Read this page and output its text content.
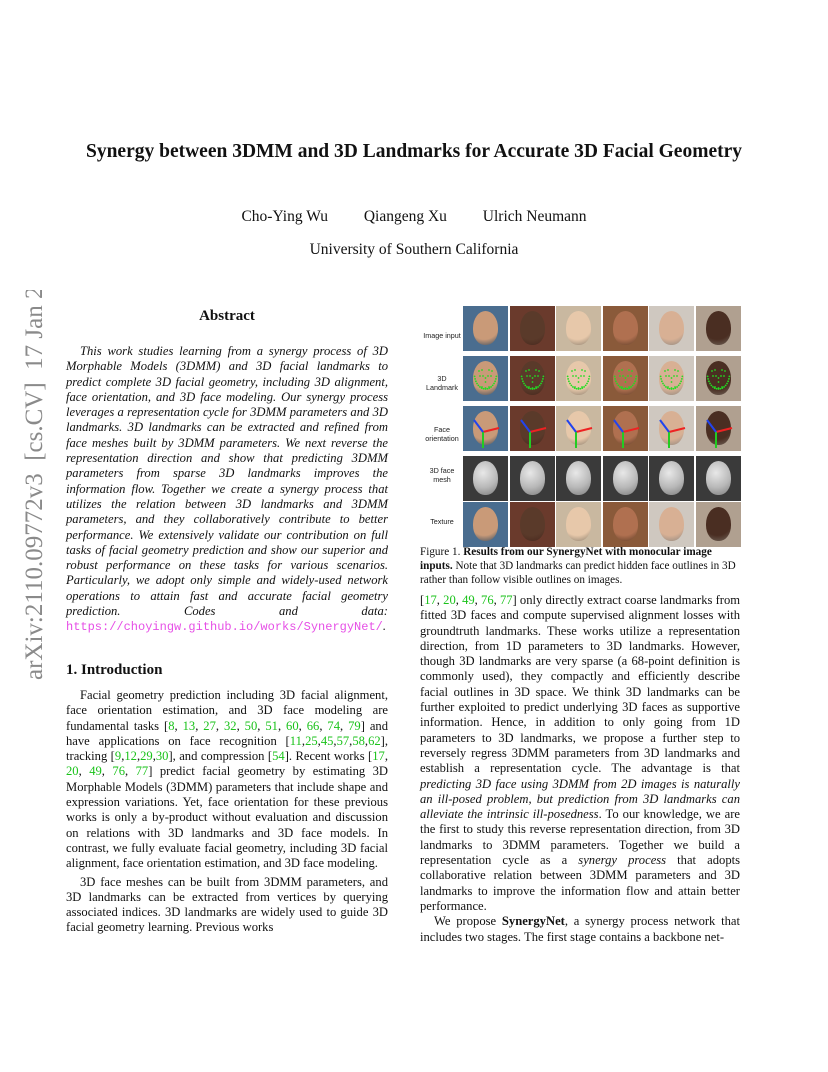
Synergy between 3DMM and 3D Landmarks for Accurate 3D Facial Geometry
Cho-Ying Wu Qiangeng Xu Ulrich Neumann
University of Southern California
arXiv:2110.09772v3  [cs.CV]  17 Jan 2024	Abstract

This work studies learning from a synergy process of 3D Morphable Models (3DMM) and 3D facial landmarks to predict complete 3D facial geometry, including 3D alignment, face orientation, and 3D face modeling. Our synergy process leverages a representation cycle for 3DMM parameters and 3D landmarks. 3D landmarks can be extracted and refined from face meshes built by 3DMM parameters. We next reverse the representation direction and show that predicting 3DMM parameters from sparse 3D landmarks improves the information flow. Together we create a synergy process that utilizes the relation between 3D landmarks and 3DMM parameters, and they collaboratively contribute to better performance. We extensively validate our contribution on full tasks of facial geometry prediction and show our superior and robust performance on these tasks for various scenarios. Particularly, we adopt only simple and widely-used network operations to attain fast and accurate facial geometry prediction. Codes and data: https://choyingw.github.io/works/SynergyNet/.

1. Introduction

Facial geometry prediction including 3D facial alignment, face orientation estimation, and 3D face modeling are fundamental tasks [8, 13, 27, 32, 50, 51, 60, 66, 74, 79] and have applications on face recognition [11,25,45,57,58,62], tracking [9,12,29,30], and compression [54]. Recent works [17, 20, 49, 76, 77] predict facial geometry by estimating 3D Morphable Models (3DMM) parameters that include shape and expression variations. Yet, face orientation for these previous works is only a by-product without evaluation and discussion on relations with 3D landmarks and 3D face models. In contrast, we fully evaluate facial geometry, including 3D facial alignment, face orientation estimation, and 3D face modeling.

3D face meshes can be built from 3DMM parameters, and 3D landmarks can be extracted from vertices by querying associated indices. 3D landmarks are widely used to guide 3D facial geometry learning. Previous works

Image input
3D Landmark
Face orientation
3D face mesh
Texture
Figure 1. Results from our SynergyNet with monocular image inputs. Note that 3D landmarks can predict hidden face outlines in 3D rather than follow visible outlines on images.

[17, 20, 49, 76, 77] only directly extract coarse landmarks from fitted 3D faces and compute supervised alignment losses with groundtruth landmarks. These works utilize a representation direction, from 1D parameters to 3D landmarks. However, though 3D landmarks are very sparse (a 68-point definition is commonly used), they compactly and efficiently describe facial outlines in 3D space. We think 3D landmarks can be further exploited to predict underlying 3D faces as supportive information. Hence, in addition to only going from 1D parameters to 3D landmarks, we propose a further step to reversely regress 3DMM parameters from 3D landmarks and establish a representation cycle. The advantage is that predicting 3D face using 3DMM from 2D images is naturally an ill-posed problem, but prediction from 3D landmarks can alleviate the intrinsic ill-posedness. To our knowledge, we are the first to study this reverse representation direction, from 3D landmarks to 3DMM parameters. Together we build a representation cycle as a synergy process that adopts collaborative relation between 3DMM parameters and 3D landmarks to improve the information flow and attain better performance.

We propose SynergyNet, a synergy process network that includes two stages. The first stage contains a backbone net-
